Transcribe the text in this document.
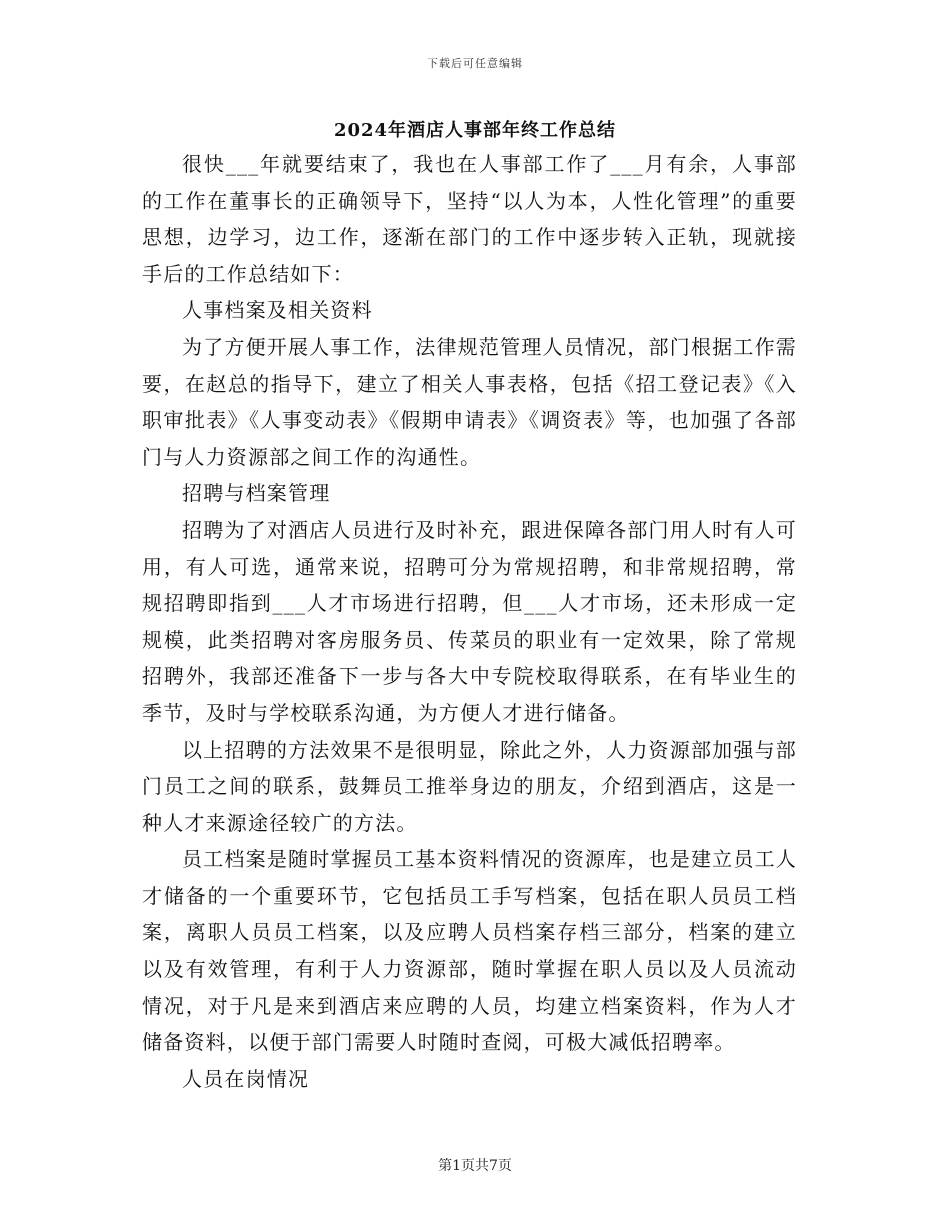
下载后可任意编辑
2024年酒店人事部年终工作总结

很快___年就要结束了，我也在人事部工作了___月有余，人事部的工作在董事长的正确领导下，坚持“以人为本，人性化管理”的重要思想，边学习，边工作，逐渐在部门的工作中逐步转入正轨，现就接手后的工作总结如下：

人事档案及相关资料

为了方便开展人事工作，法律规范管理人员情况，部门根据工作需要，在赵总的指导下，建立了相关人事表格，包括《招工登记表》《入职审批表》《人事变动表》《假期申请表》《调资表》等，也加强了各部门与人力资源部之间工作的沟通性。

招聘与档案管理

招聘为了对酒店人员进行及时补充，跟进保障各部门用人时有人可用，有人可选，通常来说，招聘可分为常规招聘，和非常规招聘，常规招聘即指到___人才市场进行招聘，但___人才市场，还未形成一定规模，此类招聘对客房服务员、传菜员的职业有一定效果，除了常规招聘外，我部还准备下一步与各大中专院校取得联系，在有毕业生的季节，及时与学校联系沟通，为方便人才进行储备。

以上招聘的方法效果不是很明显，除此之外，人力资源部加强与部门员工之间的联系，鼓舞员工推举身边的朋友，介绍到酒店，这是一种人才来源途径较广的方法。

员工档案是随时掌握员工基本资料情况的资源库，也是建立员工人才储备的一个重要环节，它包括员工手写档案，包括在职人员员工档案，离职人员员工档案，以及应聘人员档案存档三部分，档案的建立以及有效管理，有利于人力资源部，随时掌握在职人员以及人员流动情况，对于凡是来到酒店来应聘的人员，均建立档案资料，作为人才储备资料，以便于部门需要人时随时查阅，可极大减低招聘率。

人员在岗情况

第1页共7页
